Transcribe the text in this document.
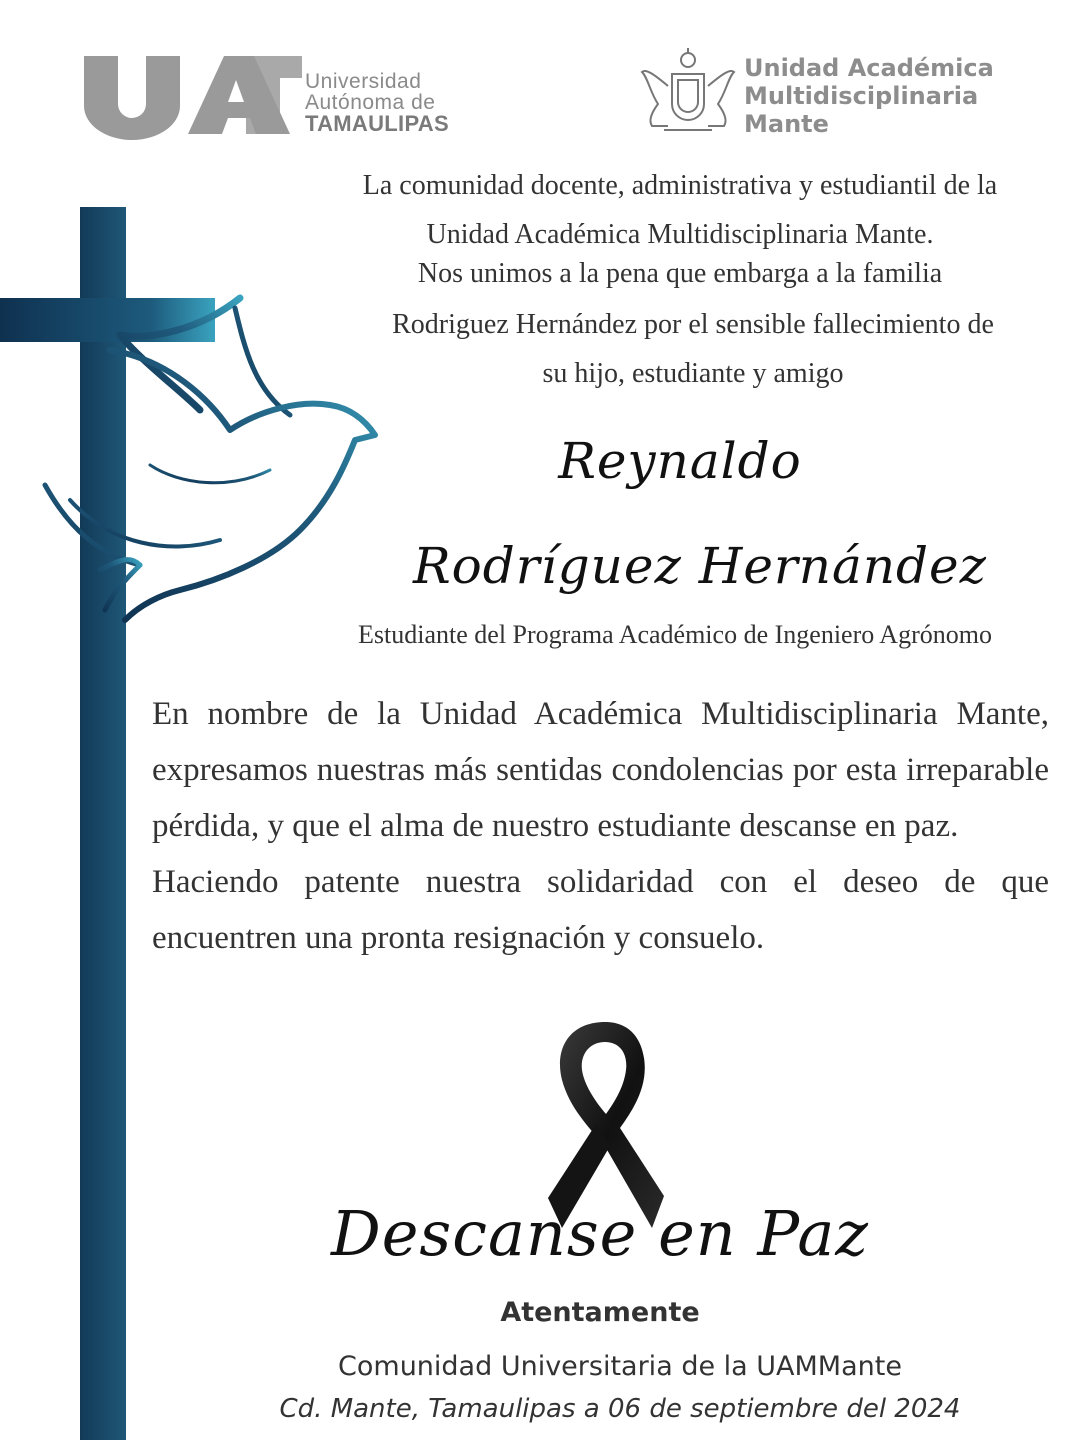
Universidad
Autónoma de
TAMAULIPAS
Unidad Académica
Multidisciplinaria
Mante
La comunidad docente, administrativa y estudiantil de la
Unidad Académica Multidisciplinaria Mante.
Nos unimos a la pena que embarga a la familia
Rodriguez Hernández por el sensible fallecimiento de
su hijo, estudiante y amigo
Reynaldo
Rodríguez Hernández
Estudiante del Programa Académico de Ingeniero Agrónomo

En nombre de la Unidad Académica Multidisciplinaria Mante, expresamos nuestras más sentidas condolencias por esta irreparable pérdida, y que el alma de nuestro estudiante descanse en paz.

Haciendo patente nuestra solidaridad con el deseo de que encuentren una pronta resignación y consuelo.

Descanse en Paz
Atentamente
Comunidad Universitaria de la UAMMante
Cd. Mante, Tamaulipas a 06 de septiembre del 2024
